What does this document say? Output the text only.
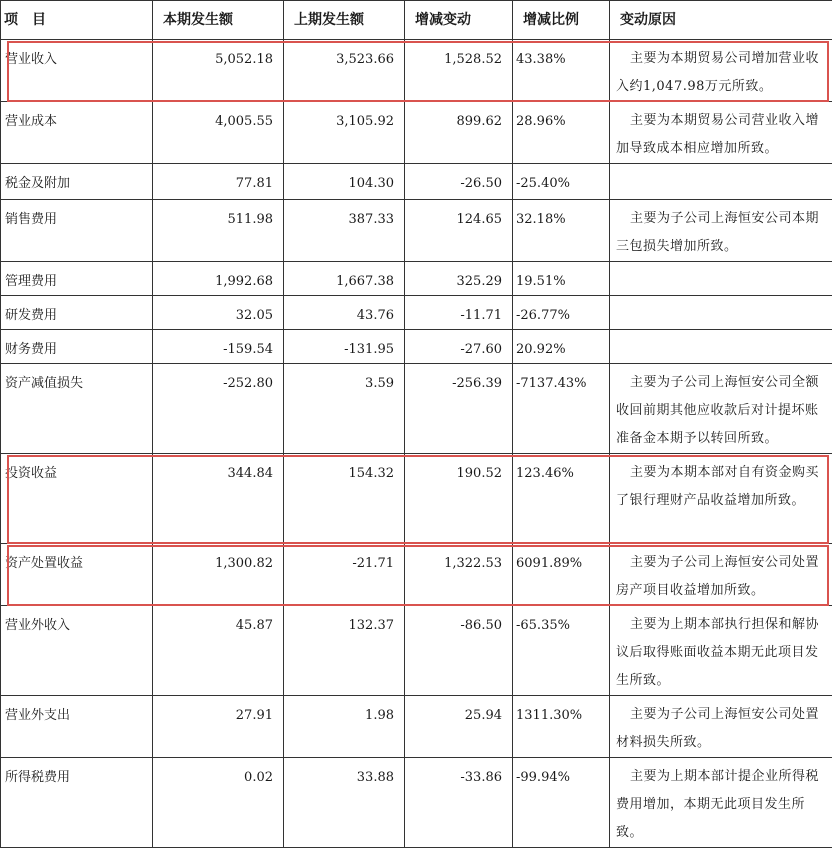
项　目	本期发生额	上期发生额	增减变动	增减比例	变动原因
营业收入	5,052.18	3,523.66	1,528.52	43.38%	主要为本期贸易公司增加营业收入约1,047.98万元所致。
营业成本	4,005.55	3,105.92	899.62	28.96%	主要为本期贸易公司营业收入增加导致成本相应增加所致。
税金及附加	77.81	104.30	-26.50	-25.40%	
销售费用	511.98	387.33	124.65	32.18%	主要为子公司上海恒安公司本期三包损失增加所致。
管理费用	1,992.68	1,667.38	325.29	19.51%	
研发费用	32.05	43.76	-11.71	-26.77%	
财务费用	-159.54	-131.95	-27.60	20.92%	
资产减值损失	-252.80	3.59	-256.39	-7137.43%	主要为子公司上海恒安公司全额收回前期其他应收款后对计提坏账准备金本期予以转回所致。
投资收益	344.84	154.32	190.52	123.46%	主要为本期本部对自有资金购买了银行理财产品收益增加所致。
资产处置收益	1,300.82	-21.71	1,322.53	6091.89%	主要为子公司上海恒安公司处置房产项目收益增加所致。
营业外收入	45.87	132.37	-86.50	-65.35%	主要为上期本部执行担保和解协议后取得账面收益本期无此项目发生所致。
营业外支出	27.91	1.98	25.94	1311.30%	主要为子公司上海恒安公司处置材料损失所致。
所得税费用	0.02	33.88	-33.86	-99.94%	主要为上期本部计提企业所得税费用增加，本期无此项目发生所致。
